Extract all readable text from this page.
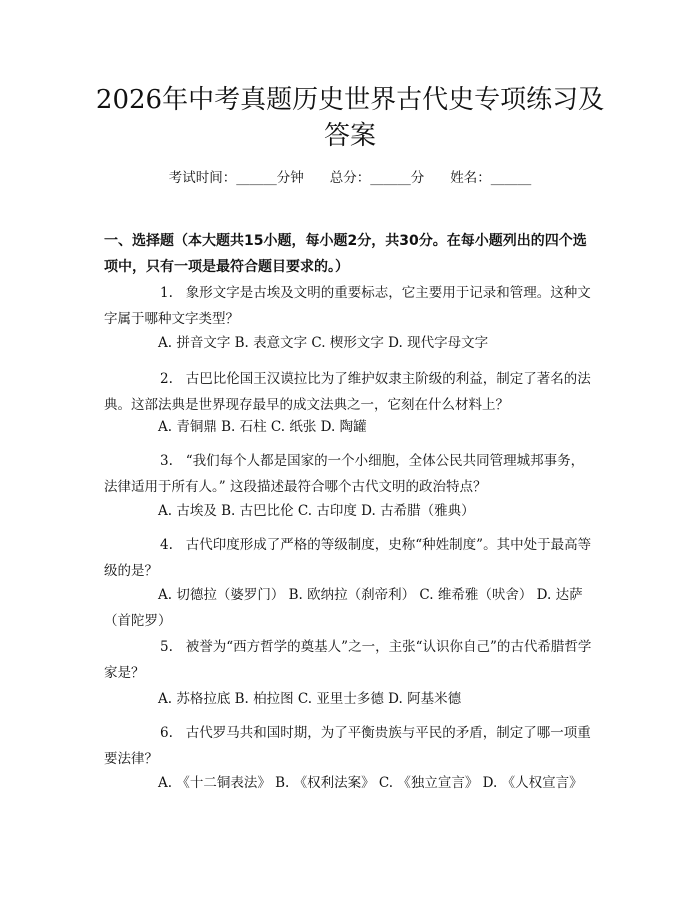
2026年中考真题历史世界古代史专项练习及答案
考试时间：______分钟 总分：______分 姓名：______
一、选择题（本大题共15小题，每小题2分，共30分。在每小题列出的四个选项中，只有一项是最符合题目要求的。）

1. 象形文字是古埃及文明的重要标志，它主要用于记录和管理。这种文字属于哪种文字类型？

A. 拼音文字 B. 表意文字 C. 楔形文字 D. 现代字母文字

2. 古巴比伦国王汉谟拉比为了维护奴隶主阶级的利益，制定了著名的法典。这部法典是世界现存最早的成文法典之一，它刻在什么材料上？

A. 青铜鼎 B. 石柱 C. 纸张 D. 陶罐

3. “我们每个人都是国家的一个小细胞，全体公民共同管理城邦事务，法律适用于所有人。” 这段描述最符合哪个古代文明的政治特点？

A. 古埃及 B. 古巴比伦 C. 古印度 D. 古希腊（雅典）

4. 古代印度形成了严格的等级制度，史称“种姓制度”。其中处于最高等级的是？

A. 切德拉（婆罗门） B. 欧纳拉（刹帝利） C. 维希雅（吠舍） D. 达萨（首陀罗）

5. 被誉为“西方哲学的奠基人”之一，主张“认识你自己”的古代希腊哲学家是？

A. 苏格拉底 B. 柏拉图 C. 亚里士多德 D. 阿基米德

6. 古代罗马共和国时期，为了平衡贵族与平民的矛盾，制定了哪一项重要法律？

A. 《十二铜表法》 B. 《权利法案》 C. 《独立宣言》 D. 《人权宣言》
